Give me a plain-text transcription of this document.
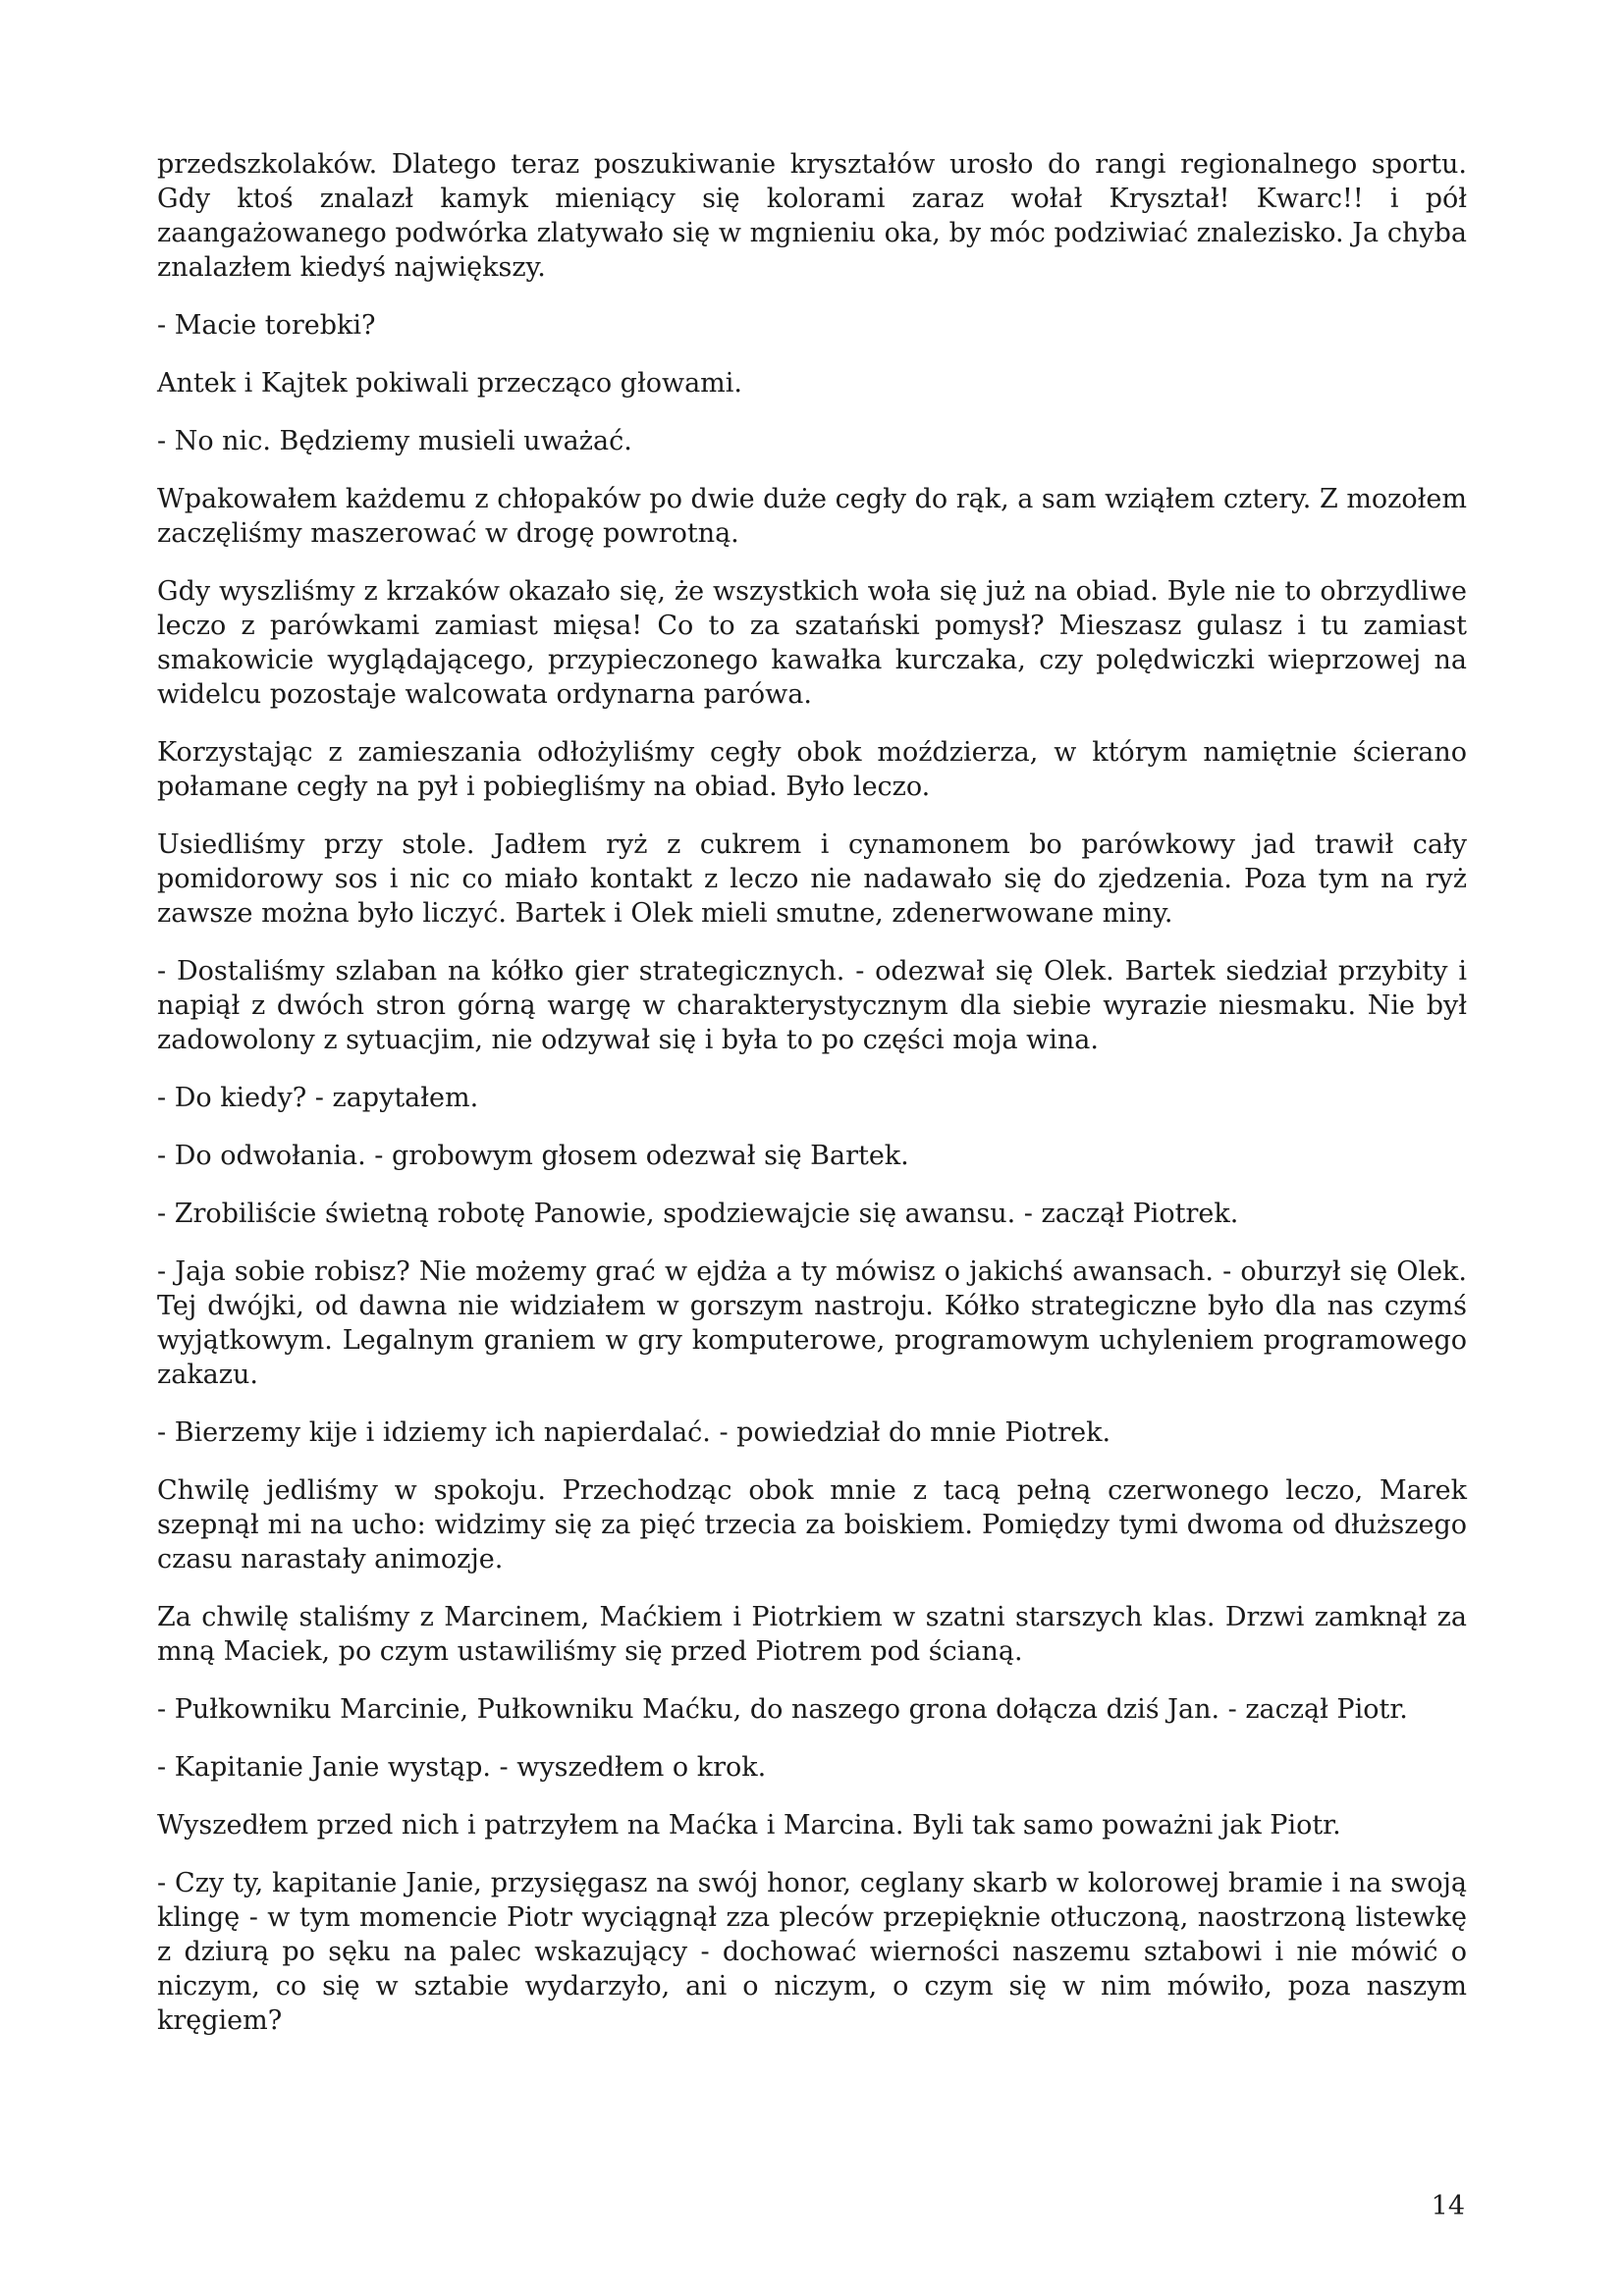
przedszkolaków. Dlatego teraz poszukiwanie kryształów urosło do rangi regionalnego sportu. Gdy ktoś znalazł kamyk mieniący się kolorami zaraz wołał Kryształ! Kwarc!! i pół zaangażowanego podwórka zlatywało się w mgnieniu oka, by móc podziwiać znalezisko. Ja chyba znalazłem kiedyś największy.

- Macie torebki?

Antek i Kajtek pokiwali przecząco głowami.

- No nic. Będziemy musieli uważać.

Wpakowałem każdemu z chłopaków po dwie duże cegły do rąk, a sam wziąłem cztery. Z mozołem zaczęliśmy maszerować w drogę powrotną.

Gdy wyszliśmy z krzaków okazało się, że wszystkich woła się już na obiad. Byle nie to obrzydliwe leczo z parówkami zamiast mięsa! Co to za szatański pomysł? Mieszasz gulasz i tu zamiast smakowicie wyglądającego, przypieczonego kawałka kurczaka, czy polędwiczki wieprzowej na widelcu pozostaje walcowata ordynarna parówa.

Korzystając z zamieszania odłożyliśmy cegły obok moździerza, w którym namiętnie ścierano połamane cegły na pył i pobiegliśmy na obiad. Było leczo.

Usiedliśmy przy stole. Jadłem ryż z cukrem i cynamonem bo parówkowy jad trawił cały pomidorowy sos i nic co miało kontakt z leczo nie nadawało się do zjedzenia. Poza tym na ryż zawsze można było liczyć. Bartek i Olek mieli smutne, zdenerwowane miny.

- Dostaliśmy szlaban na kółko gier strategicznych. - odezwał się Olek. Bartek siedział przybity i napiął z dwóch stron górną wargę w charakterystycznym dla siebie wyrazie niesmaku. Nie był zadowolony z sytuacjim, nie odzywał się i była to po części moja wina.

- Do kiedy? - zapytałem.

- Do odwołania. - grobowym głosem odezwał się Bartek.

- Zrobiliście świetną robotę Panowie, spodziewajcie się awansu. - zaczął Piotrek.

- Jaja sobie robisz? Nie możemy grać w ejdża a ty mówisz o jakichś awansach. - oburzył się Olek. Tej dwójki, od dawna nie widziałem w gorszym nastroju. Kółko strategiczne było dla nas czymś wyjątkowym. Legalnym graniem w gry komputerowe, programowym uchyleniem programowego zakazu.

- Bierzemy kije i idziemy ich napierdalać. - powiedział do mnie Piotrek.

Chwilę jedliśmy w spokoju. Przechodząc obok mnie z tacą pełną czerwonego leczo, Marek szepnął mi na ucho: widzimy się za pięć trzecia za boiskiem. Pomiędzy tymi dwoma od dłuższego czasu narastały animozje.

Za chwilę staliśmy z Marcinem, Maćkiem i Piotrkiem w szatni starszych klas. Drzwi zamknął za mną Maciek, po czym ustawiliśmy się przed Piotrem pod ścianą.

- Pułkowniku Marcinie, Pułkowniku Maćku, do naszego grona dołącza dziś Jan. - zaczął Piotr.

- Kapitanie Janie wystąp. - wyszedłem o krok.

Wyszedłem przed nich i patrzyłem na Maćka i Marcina. Byli tak samo poważni jak Piotr.

- Czy ty, kapitanie Janie, przysięgasz na swój honor, ceglany skarb w kolorowej bramie i na swoją klingę - w tym momencie Piotr wyciągnął zza pleców przepięknie otłuczoną, naostrzoną listewkę z dziurą po sęku na palec wskazujący - dochować wierności naszemu sztabowi i nie mówić o niczym, co się w sztabie wydarzyło, ani o niczym, o czym się w nim mówiło, poza naszym kręgiem?

14
